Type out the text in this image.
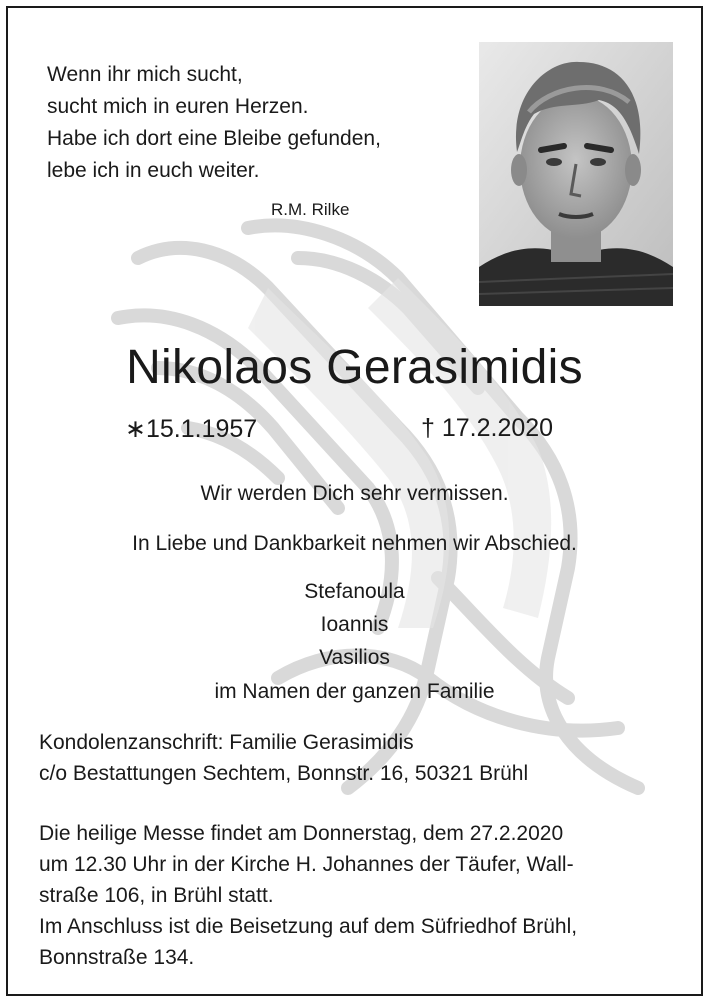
Wenn ihr mich sucht,
sucht mich in euren Herzen.
Habe ich dort eine Bleibe gefunden,
lebe ich in euch weiter.
R.M. Rilke
Nikolaos Gerasimidis
∗15.1.1957	† 17.2.2020
Wir werden Dich sehr vermissen.
In Liebe und Dankbarkeit nehmen wir Abschied.
Stefanoula
Ioannis
Vasilios
im Namen der ganzen Familie
Kondolenzanschrift: Familie Gerasimidis
c/o Bestattungen Sechtem, Bonnstr. 16, 50321 Brühl
Die heilige Messe findet am Donnerstag, dem 27.2.2020
um 12.30 Uhr in der Kirche H. Johannes der Täufer, Wall-
straße 106, in Brühl statt.
Im Anschluss ist die Beisetzung auf dem Süfriedhof Brühl,
Bonnstraße 134.
